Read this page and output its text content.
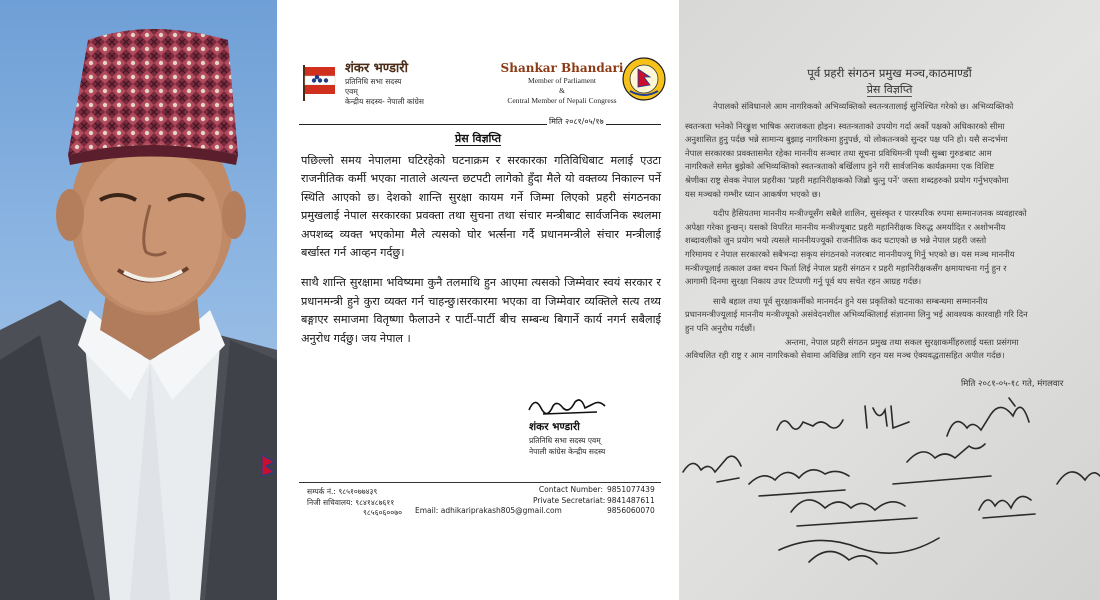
शंकर भण्डारी
प्रतिनिधि सभा सदस्य
एवम्
केन्द्रीय सदस्य- नेपाली कांग्रेस
Shankar Bhandari
Member of Parliament
&
Central Member of Nepali Congress
मिति २०८१/०५/१७
प्रेस विज्ञप्ति

पछिल्लो समय नेपालमा घटिरहेको घटनाक्रम र सरकारका गतिविधिबाट मलाई एउटा राजनीतिक कर्मी भएका नाताले अत्यन्त छटपटी लागेको हुँदा मैले यो वक्तव्य निकाल्न पर्ने स्थिति आएको छ। देशको शान्ति सुरक्षा कायम गर्ने जिम्मा लिएको प्रहरी संगठनका प्रमुखलाई नेपाल सरकारका प्रवक्ता तथा सुचना तथा संचार मन्त्रीबाट सार्वजनिक स्थलमा अपशब्द व्यक्त भएकोमा मैले त्यसको घोर भर्त्सना गर्दै प्रधानमन्त्रीले संचार मन्त्रीलाई बर्खास्त गर्न आव्हन गर्दछु।

साथै शान्ति सुरक्षामा भविष्यमा कुनै तलमाथि हुन आएमा त्यसको जिम्मेवार स्वयं सरकार र प्रधानमन्त्री हुने कुरा व्यक्त गर्न चाहन्छु।सरकारमा भएका वा जिम्मेवार व्यक्तिले सत्य तथ्य बङ्गाएर समाजमा वितृष्णा फैलाउने र पार्टी-पार्टी बीच सम्बन्ध बिगार्ने कार्य नगर्न सबैलाई अनुरोध गर्दछु। जय नेपाल ।

शंकर भण्डारी
प्रतिनिधि सभा सदस्य एवम्
नेपाली कांग्रेस केन्द्रीय सदस्य
सम्पर्क नं.: ९८५१०७७४३९
निजी सचिवालय: ९८४१४८७६११
९८५६०६००७० Email: adhikariprakash805@gmail.com
Contact Number: 9851077439
Private Secretariat: 9841487611
9856060070
पूर्व प्रहरी संगठन प्रमुख मञ्च,काठमाण्डौं
प्रेस विज्ञप्ति

नेपालको संविधानले आम नागरिकको अभिव्यक्तिको स्वतन्त्रतालाई सुनिश्चित गरेको छ। अभिव्यक्तिको

स्वतन्त्रता भनेको निरङ्कुश भाषिक अराजकता होइन। स्वतन्त्रताको उपयोग गर्दा अर्काे पक्षको अधिकारको सीमा
अनुशासित हुनु पर्दछ भन्ने सामान्य बुझाइ नागरिकमा हुनुपर्छ, यो लोकतन्त्रको सुन्दर पक्ष पनि हो। यसै सन्दर्भमा
नेपाल सरकारका प्रवक्तासमेत रहेका माननीय सञ्चार तथा सूचना प्रविधिमन्त्री पृथ्वी सुब्बा गुरुङबाट आम
नागरिकले समेत बुझेको अभिव्यक्तिको स्वतन्त्रताको बर्खिलाप हुने गरी सार्वजनिक कार्यक्रममा एक विशिष्ट
श्रेणीका राष्ट्र सेवक नेपाल प्रहरीका 'प्रहरी महानिरीक्षकको जिब्रो थुत्नु पर्ने' जस्ता शब्दहरुको प्रयोग गर्नुभएकोमा
यस मञ्चको गम्भीर ध्यान आकर्षण भएको छ।
यदीप हैसियतमा माननीय मन्त्रीज्यूसँग सबैले शालिन, सुसंस्कृत र पारस्परिक रुपमा सम्मानजनक व्यवहारको
अपेक्षा गरेका हुन्छन्। यसको विपरित माननीय मन्त्रीज्यूबाट प्रहरी महानिरीक्षक विरुद्ध अमर्यादित र अशोभनीय
शब्दावलीको जुन प्रयोग भयो त्यसले माननीयज्यूको राजनीतिक कद घटाएको छ भन्ने नेपाल प्रहरी जस्तो
गरिमामय र नेपाल सरकारको सबैभन्दा सकृय संगठनको नजरबाट माननीयज्यू गिर्नु भएको छ। यस मञ्च माननीय
मन्त्रीज्यूलाई तत्काल उक्त वचन फिर्ता लिई नेपाल प्रहरी संगठन र प्रहरी महानिरीक्षकसँग क्षमायाचना गर्नु हुन र
आगामी दिनमा सुरक्षा निकाय उपर टिप्पणी गर्नु पूर्व थप सचेत रहन आग्रह गर्दछ।
साथै बहाल तथा पूर्व सुरक्षाकर्मीको मानमर्दन हुने यस प्रकृतिको घटनाका सम्बन्धमा सम्माननीय
प्रधानमन्त्रीज्यूलाई माननीय मन्त्रीज्यूको असंवेदनशील अभिव्यक्तिलाई संज्ञानमा लिनु भई आवश्यक कारवाही गरि दिन
हुन पनि अनुरोध गर्दछौं।
अन्तमा, नेपाल प्रहरी संगठन प्रमुख तथा सकल सुरक्षाकर्मीहरुलाई यस्ता प्रसंगमा
अविचलित रही राष्ट्र र आम नागरिकको सेवामा अविछिन्न लागि रहन यस मञ्च ऐक्यवद्धतासहित अपील गर्दछ।
मिति २०८१-०५-१८ गते, मंगलवार
